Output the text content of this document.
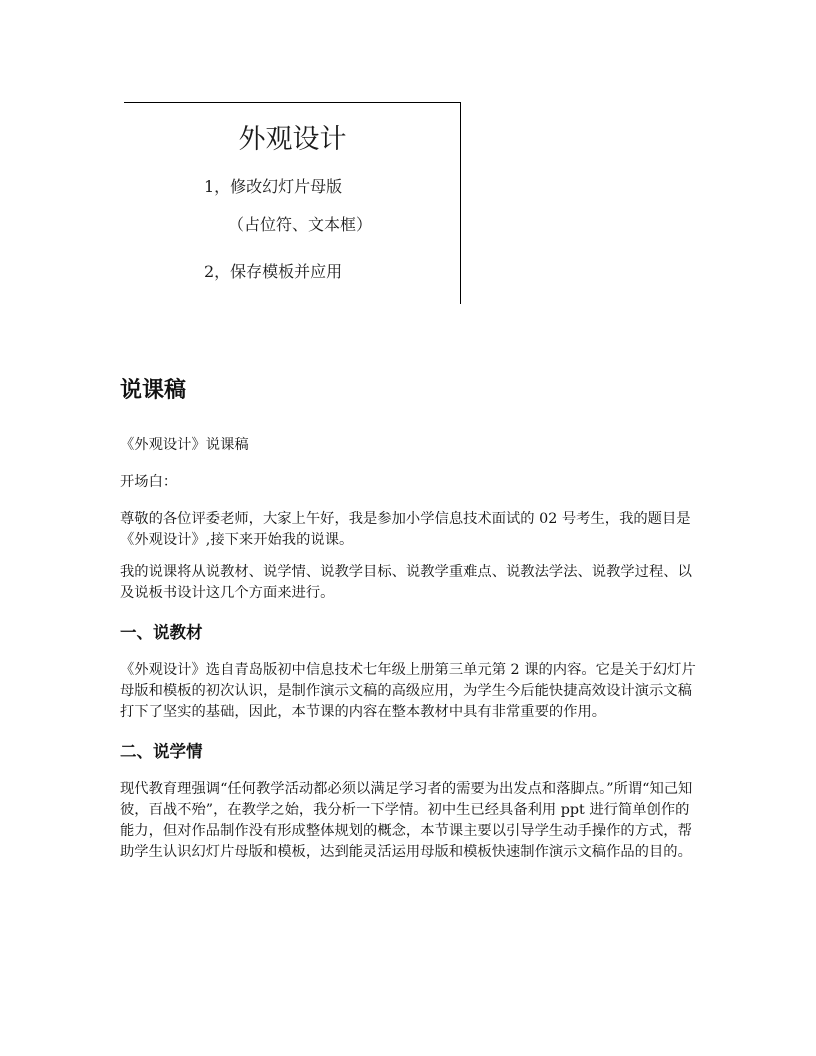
外观设计
1，修改幻灯片母版
（占位符、文本框）
2，保存模板并应用
说课稿

《外观设计》说课稿

开场白：

尊敬的各位评委老师，大家上午好，我是参加小学信息技术面试的 02 号考生，我的题目是《外观设计》,接下来开始我的说课。

我的说课将从说教材、说学情、说教学目标、说教学重难点、说教法学法、说教学过程、以及说板书设计这几个方面来进行。

一、说教材

《外观设计》选自青岛版初中信息技术七年级上册第三单元第 2 课的内容。它是关于幻灯片母版和模板的初次认识，是制作演示文稿的高级应用，为学生今后能快捷高效设计演示文稿打下了坚实的基础，因此，本节课的内容在整本教材中具有非常重要的作用。

二、说学情

现代教育理强调“任何教学活动都必须以满足学习者的需要为出发点和落脚点。”所谓“知己知彼，百战不殆”，在教学之始，我分析一下学情。初中生已经具备利用 ppt 进行简单创作的能力，但对作品制作没有形成整体规划的概念，本节课主要以引导学生动手操作的方式，帮助学生认识幻灯片母版和模板，达到能灵活运用母版和模板快速制作演示文稿作品的目的。
